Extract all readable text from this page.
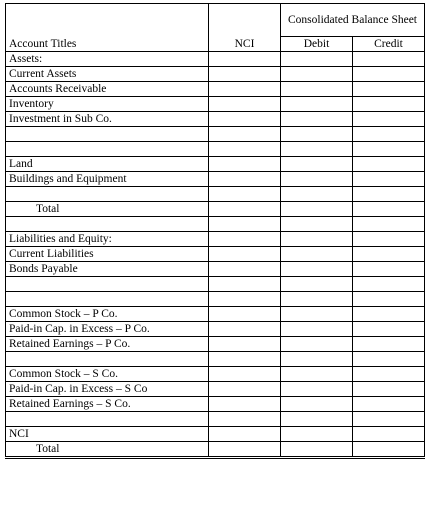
Account Titles	NCI	Consolidated Balance Sheet	
		Debit	Credit
Assets:			
Current Assets			
Accounts Receivable			
Inventory			
Investment in Sub Co.			

Land			
Buildings and Equipment			

Total			

Liabilities and Equity:			
Current Liabilities			
Bonds Payable			

Common Stock – P Co.			
Paid-in Cap. in Excess – P Co.			
Retained Earnings – P Co.			

Common Stock – S Co.			
Paid-in Cap. in Excess – S Co			
Retained Earnings – S Co.			

NCI			
Total			
